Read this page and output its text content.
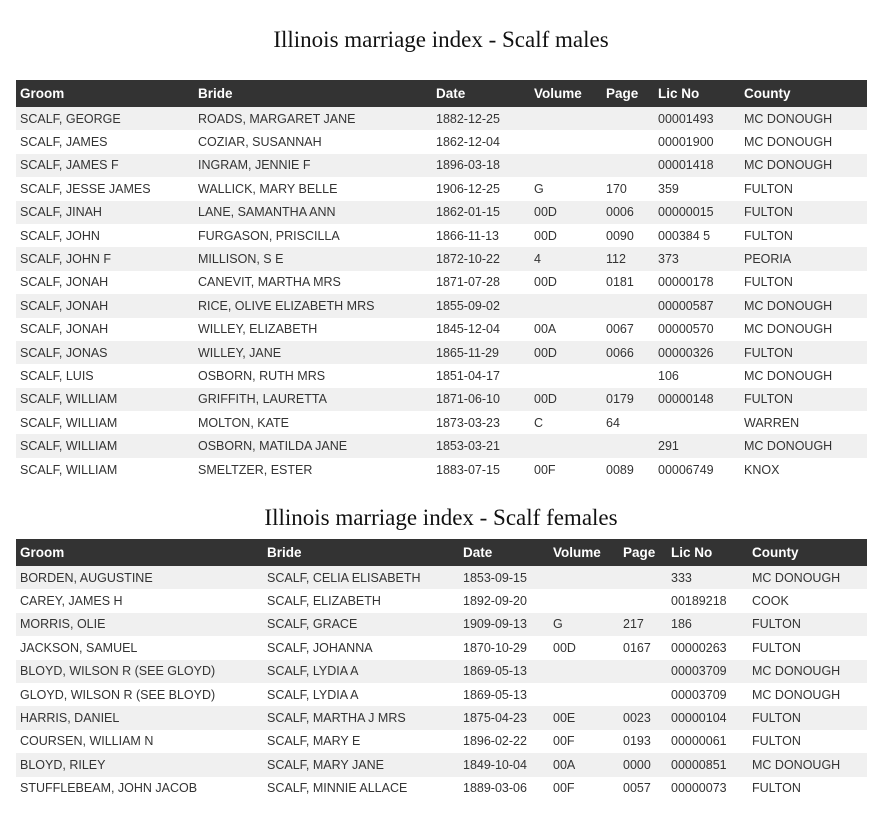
Illinois marriage index - Scalf males
Groom	Bride	Date	Volume	Page	Lic No	County
SCALF, GEORGE	ROADS, MARGARET JANE	1882-12-25			00001493	MC DONOUGH
SCALF, JAMES	COZIAR, SUSANNAH	1862-12-04			00001900	MC DONOUGH
SCALF, JAMES F	INGRAM, JENNIE F	1896-03-18			00001418	MC DONOUGH
SCALF, JESSE JAMES	WALLICK, MARY BELLE	1906-12-25	G	170	359	FULTON
SCALF, JINAH	LANE, SAMANTHA ANN	1862-01-15	00D	0006	00000015	FULTON
SCALF, JOHN	FURGASON, PRISCILLA	1866-11-13	00D	0090	000384 5	FULTON
SCALF, JOHN F	MILLISON, S E	1872-10-22	4	112	373	PEORIA
SCALF, JONAH	CANEVIT, MARTHA MRS	1871-07-28	00D	0181	00000178	FULTON
SCALF, JONAH	RICE, OLIVE ELIZABETH MRS	1855-09-02			00000587	MC DONOUGH
SCALF, JONAH	WILLEY, ELIZABETH	1845-12-04	00A	0067	00000570	MC DONOUGH
SCALF, JONAS	WILLEY, JANE	1865-11-29	00D	0066	00000326	FULTON
SCALF, LUIS	OSBORN, RUTH MRS	1851-04-17			106	MC DONOUGH
SCALF, WILLIAM	GRIFFITH, LAURETTA	1871-06-10	00D	0179	00000148	FULTON
SCALF, WILLIAM	MOLTON, KATE	1873-03-23	C	64		WARREN
SCALF, WILLIAM	OSBORN, MATILDA JANE	1853-03-21			291	MC DONOUGH
SCALF, WILLIAM	SMELTZER, ESTER	1883-07-15	00F	0089	00006749	KNOX
Illinois marriage index - Scalf females
Groom	Bride	Date	Volume	Page	Lic No	County
BORDEN, AUGUSTINE	SCALF, CELIA ELISABETH	1853-09-15			333	MC DONOUGH
CAREY, JAMES H	SCALF, ELIZABETH	1892-09-20			00189218	COOK
MORRIS, OLIE	SCALF, GRACE	1909-09-13	G	217	186	FULTON
JACKSON, SAMUEL	SCALF, JOHANNA	1870-10-29	00D	0167	00000263	FULTON
BLOYD, WILSON R (SEE GLOYD)	SCALF, LYDIA A	1869-05-13			00003709	MC DONOUGH
GLOYD, WILSON R (SEE BLOYD)	SCALF, LYDIA A	1869-05-13			00003709	MC DONOUGH
HARRIS, DANIEL	SCALF, MARTHA J MRS	1875-04-23	00E	0023	00000104	FULTON
COURSEN, WILLIAM N	SCALF, MARY E	1896-02-22	00F	0193	00000061	FULTON
BLOYD, RILEY	SCALF, MARY JANE	1849-10-04	00A	0000	00000851	MC DONOUGH
STUFFLEBEAM, JOHN JACOB	SCALF, MINNIE ALLACE	1889-03-06	00F	0057	00000073	FULTON
